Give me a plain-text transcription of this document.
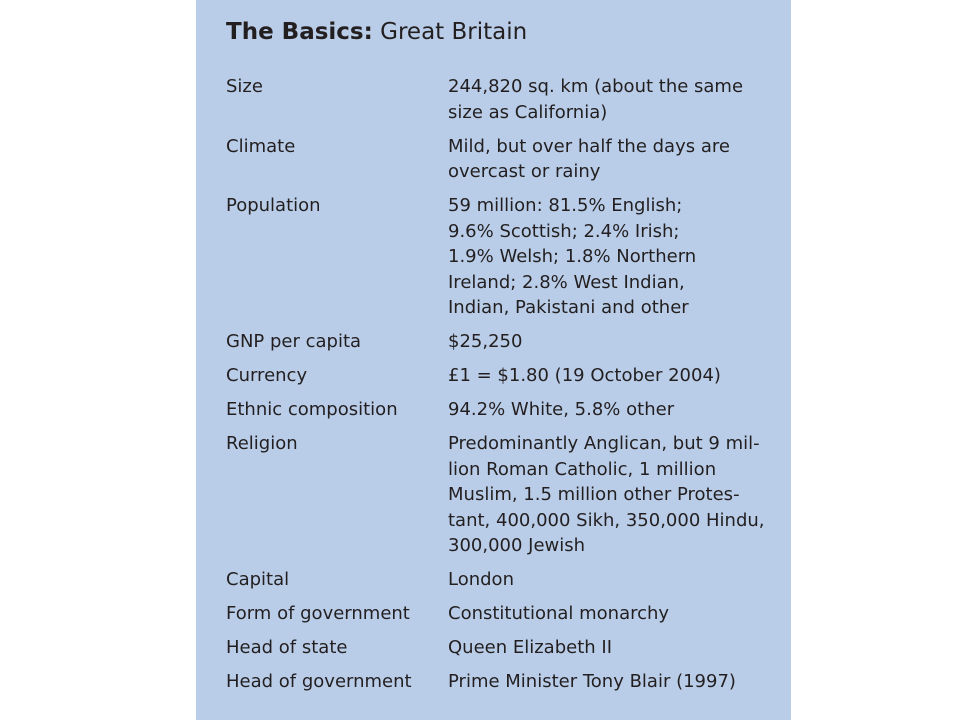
The Basics: Great Britain
Size	244,820 sq. km (about the same
size as California)
Climate	Mild, but over half the days are
overcast or rainy
Population	59 million: 81.5% English;
9.6% Scottish; 2.4% Irish;
1.9% Welsh; 1.8% Northern
Ireland; 2.8% West Indian,
Indian, Pakistani and other
GNP per capita	$25,250
Currency	£1 = $1.80 (19 October 2004)
Ethnic composition	94.2% White, 5.8% other
Religion	Predominantly Anglican, but 9 mil-
lion Roman Catholic, 1 million
Muslim, 1.5 million other Protes-
tant, 400,000 Sikh, 350,000 Hindu,
300,000 Jewish
Capital	London
Form of government	Constitutional monarchy
Head of state	Queen Elizabeth II
Head of government	Prime Minister Tony Blair (1997)
